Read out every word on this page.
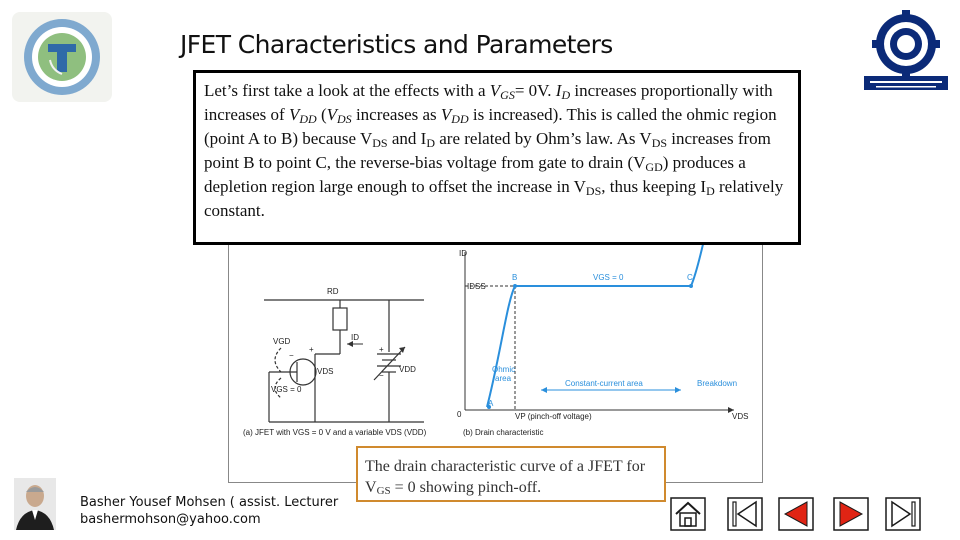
JFET Characteristics and Parameters
RD
ID
VGD
VGS = 0
VDS	VDD
+
−
+
−
(a) JFET with VGS = 0 V and a variable VDS (VDD)
ID
IDSS
B	C
A
VGS = 0
Ohmic
area
Constant-current area	Breakdown
VP (pinch-off voltage)	VDS
0
(b) Drain characteristic
Let’s first take a look at the effects with a $V_{GS}= 0V$. $I_D$ increases proportionally with increases of $V_{DD}$ ($V_{DS}$ increases as $V_{DD}$ is increased). This is called the ohmic region (point A to B) because $V_{DS}$ and $I_D$ are related by Ohm’s law. As $V_{DS}$ increases from point B to point C, the reverse-bias voltage from gate to drain $(V_{GD})$ produces a depletion region large enough to offset the increase in $V_{DS}$, thus keeping $I_D$ relatively constant.
The drain characteristic curve of a JFET for $V_{GS} = 0$ showing pinch-off.
Basher Yousef Mohsen ( assist. Lecturer
bashermohson@yahoo.com
